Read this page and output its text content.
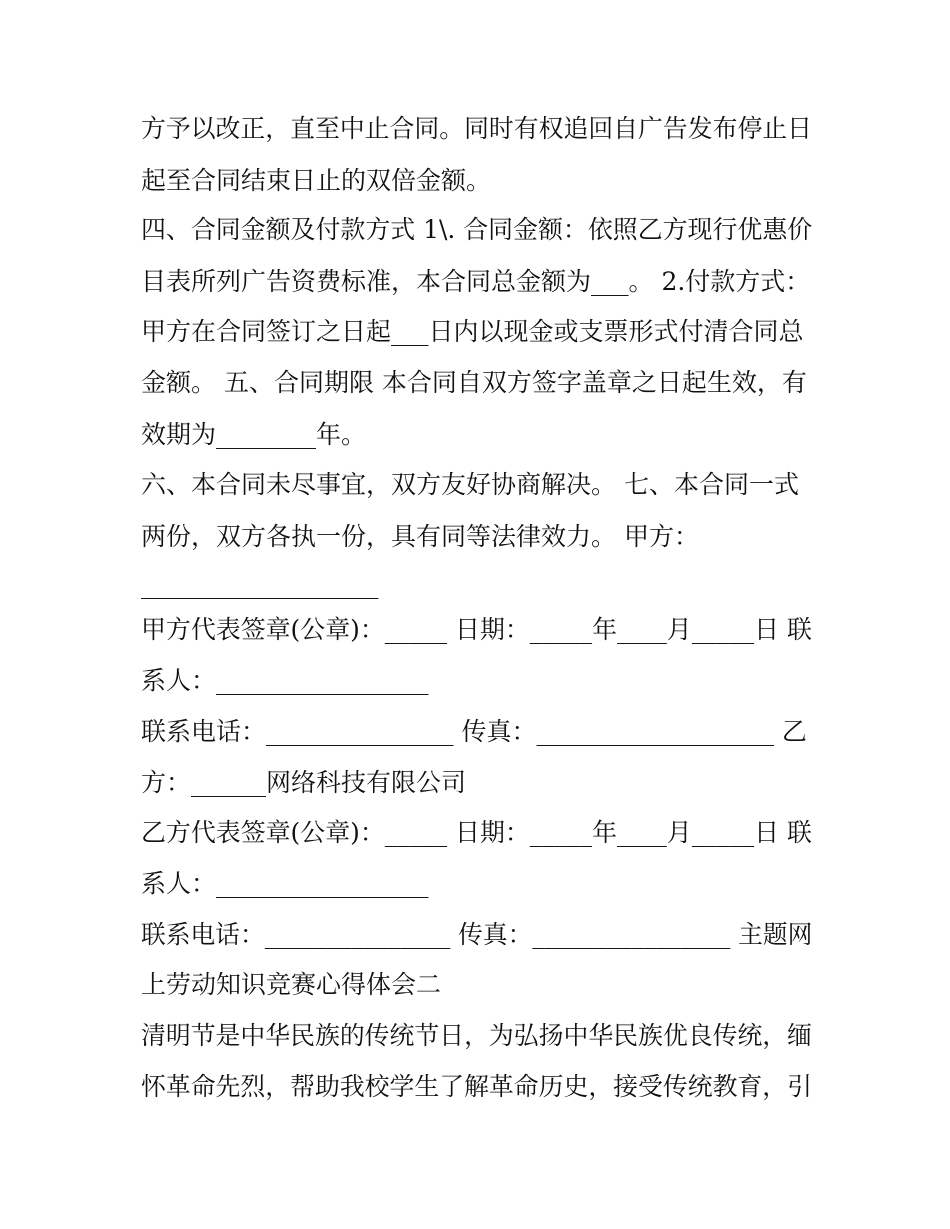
方予以改正，直至中止合同。同时有权追回自广告发布停止日
起至合同结束日止的双倍金额。
四、合同金额及付款方式 1\. 合同金额：依照乙方现行优惠价
目表所列广告资费标准，本合同总金额为___。 2.付款方式：
甲方在合同签订之日起___日内以现金或支票形式付清合同总
金额。 五、合同期限 本合同自双方签字盖章之日起生效，有
效期为________年。
六、本合同未尽事宜，双方友好协商解决。 七、本合同一式
两份，双方各执一份，具有同等法律效力。 甲方：
___________________
甲方代表签章(公章)：_____ 日期：_____年____月_____日 联
系人：_________________
联系电话：_______________ 传真：___________________ 乙
方：______网络科技有限公司
乙方代表签章(公章)：_____ 日期：_____年____月_____日 联
系人：_________________
联系电话：_______________ 传真：________________ 主题网
上劳动知识竞赛心得体会二
清明节是中华民族的传统节日，为弘扬中华民族优良传统，缅
怀革命先烈，帮助我校学生了解革命历史，接受传统教育，引
